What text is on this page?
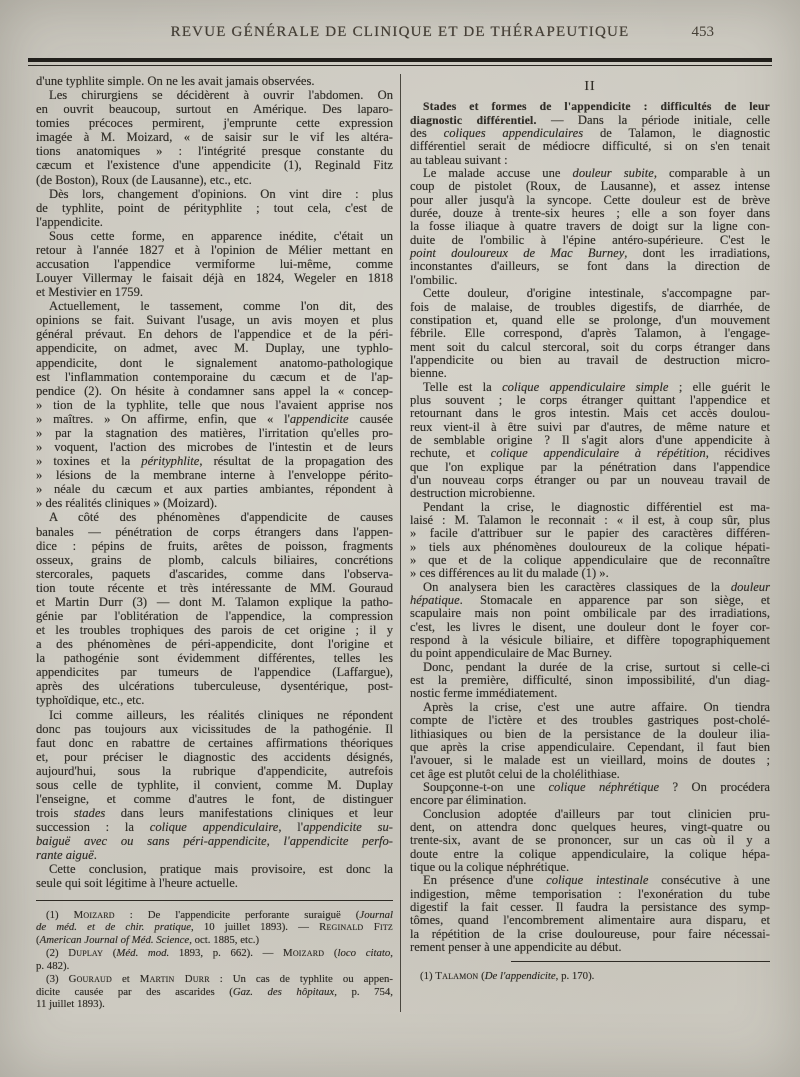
REVUE GÉNÉRALE DE CLINIQUE ET DE THÉRAPEUTIQUE	453
d'une typhlite simple. On ne les avait jamais observées.
Les chirurgiens se décidèrent à ouvrir l'abdomen. On
en ouvrit beaucoup, surtout en Amérique. Des laparo-
tomies précoces permirent, j'emprunte cette expression
imagée à M. Moizard, « de saisir sur le vif les altéra-
tions anatomiques » : l'intégrité presque constante du
cæcum et l'existence d'une appendicite (1), Reginald Fitz
(de Boston), Roux (de Lausanne), etc., etc.
Dès lors, changement d'opinions. On vint dire : plus
de typhlite, point de pérityphlite ; tout cela, c'est de
l'appendicite.
Sous cette forme, en apparence inédite, c'était un
retour à l'année 1827 et à l'opinion de Mélier mettant en
accusation l'appendice vermiforme lui-même, comme
Louyer Villermay le faisait déjà en 1824, Wegeler en 1818
et Mestivier en 1759.
Actuellement, le tassement, comme l'on dit, des
opinions se fait. Suivant l'usage, un avis moyen et plus
général prévaut. En dehors de l'appendice et de la péri-
appendicite, on admet, avec M. Duplay, une typhlo-
appendicite, dont le signalement anatomo-pathologique
est l'inflammation contemporaine du cæcum et de l'ap-
pendice (2). On hésite à condamner sans appel la « concep-
» tion de la typhlite, telle que nous l'avaient apprise nos
» maîtres. » On affirme, enfin, que « l'appendicite causée
» par la stagnation des matières, l'irritation qu'elles pro-
» voquent, l'action des microbes de l'intestin et de leurs
» toxines et la pérityphlite, résultat de la propagation des
» lésions de la membrane interne à l'enveloppe périto-
» néale du cæcum et aux parties ambiantes, répondent à
» des réalités cliniques » (Moizard).
A côté des phénomènes d'appendicite de causes
banales — pénétration de corps étrangers dans l'appen-
dice : pépins de fruits, arêtes de poisson, fragments
osseux, grains de plomb, calculs biliaires, concrétions
stercorales, paquets d'ascarides, comme dans l'observa-
tion toute récente et très intéressante de MM. Gouraud
et Martin Durr (3) — dont M. Talamon explique la patho-
génie par l'oblitération de l'appendice, la compression
et les troubles trophiques des parois de cet origine ; il y
a des phénomènes de péri-appendicite, dont l'origine et
la pathogénie sont évidemment différentes, telles les
appendicites par tumeurs de l'appendice (Laffargue),
après des ulcérations tuberculeuse, dysentérique, post-
typhoïdique, etc., etc.
Ici comme ailleurs, les réalités cliniques ne répondent
donc pas toujours aux vicissitudes de la pathogénie. Il
faut donc en rabattre de certaines affirmations théoriques
et, pour préciser le diagnostic des accidents désignés,
aujourd'hui, sous la rubrique d'appendicite, autrefois
sous celle de typhlite, il convient, comme M. Duplay
l'enseigne, et comme d'autres le font, de distinguer
trois stades dans leurs manifestations cliniques et leur
succession : la colique appendiculaire, l'appendicite su-
baiguë avec ou sans péri-appendicite, l'appendicite perfo-
rante aiguë.
Cette conclusion, pratique mais provisoire, est donc la
seule qui soit légitime à l'heure actuelle.
(1) Moizard : De l'appendicite perforante suraiguë (Journal
de méd. et de chir. pratique, 10 juillet 1893). — Reginald Fitz
(American Journal of Méd. Science, oct. 1885, etc.)
(2) Duplay (Méd. mod. 1893, p. 662). — Moizard (loco citato,
p. 482).
(3) Gouraud et Martin Durr : Un cas de typhlite ou appen-
dicite causée par des ascarides (Gaz. des hôpitaux, p. 754,
11 juillet 1893).
II
Stades et formes de l'appendicite : difficultés de leur
diagnostic différentiel. — Dans la période initiale, celle
des coliques appendiculaires de Talamon, le diagnostic
différentiel serait de médiocre difficulté, si on s'en tenait
au tableau suivant :
Le malade accuse une douleur subite, comparable à un
coup de pistolet (Roux, de Lausanne), et assez intense
pour aller jusqu'à la syncope. Cette douleur est de brève
durée, douze à trente-six heures ; elle a son foyer dans
la fosse iliaque à quatre travers de doigt sur la ligne con-
duite de l'ombilic à l'épine antéro-supérieure. C'est le
point douloureux de Mac Burney, dont les irradiations,
inconstantes d'ailleurs, se font dans la direction de
l'ombilic.
Cette douleur, d'origine intestinale, s'accompagne par-
fois de malaise, de troubles digestifs, de diarrhée, de
constipation et, quand elle se prolonge, d'un mouvement
fébrile. Elle correspond, d'après Talamon, à l'engage-
ment soit du calcul stercoral, soit du corps étranger dans
l'appendicite ou bien au travail de destruction micro-
bienne.
Telle est la colique appendiculaire simple ; elle guérit le
plus souvent ; le corps étranger quittant l'appendice et
retournant dans le gros intestin. Mais cet accès doulou-
reux vient-il à être suivi par d'autres, de même nature et
de semblable origine ? Il s'agit alors d'une appendicite à
rechute, et colique appendiculaire à répétition, récidives
que l'on explique par la pénétration dans l'appendice
d'un nouveau corps étranger ou par un nouveau travail de
destruction microbienne.
Pendant la crise, le diagnostic différentiel est ma-
laisé : M. Talamon le reconnait : « il est, à coup sûr, plus
» facile d'attribuer sur le papier des caractères différen-
» tiels aux phénomènes douloureux de la colique hépati-
» que et de la colique appendiculaire que de reconnaître
» ces différences au lit du malade (1) ».
On analysera bien les caractères classiques de la douleur
hépatique. Stomacale en apparence par son siège, et
scapulaire mais non point ombilicale par des irradiations,
c'est, les livres le disent, une douleur dont le foyer cor-
respond à la vésicule biliaire, et diffère topographiquement
du point appendiculaire de Mac Burney.
Donc, pendant la durée de la crise, surtout si celle-ci
est la première, difficulté, sinon impossibilité, d'un diag-
nostic ferme immédiatement.
Après la crise, c'est une autre affaire. On tiendra
compte de l'ictère et des troubles gastriques post-cholé-
lithiasiques ou bien de la persistance de la douleur ilia-
que après la crise appendiculaire. Cependant, il faut bien
l'avouer, si le malade est un vieillard, moins de doutes ;
cet âge est plutôt celui de la cholélithiase.
Soupçonne-t-on une colique néphrétique ? On procédera
encore par élimination.
Conclusion adoptée d'ailleurs par tout clinicien pru-
dent, on attendra donc quelques heures, vingt-quatre ou
trente-six, avant de se prononcer, sur un cas où il y a
doute entre la colique appendiculaire, la colique hépa-
tique ou la colique néphrétique.
En présence d'une colique intestinale consécutive à une
indigestion, même temporisation : l'exonération du tube
digestif la fait cesser. Il faudra la persistance des symp-
tômes, quand l'encombrement alimentaire aura disparu, et
la répétition de la crise douloureuse, pour faire nécessai-
rement penser à une appendicite au début.
(1) Talamon (De l'appendicite, p. 170).
